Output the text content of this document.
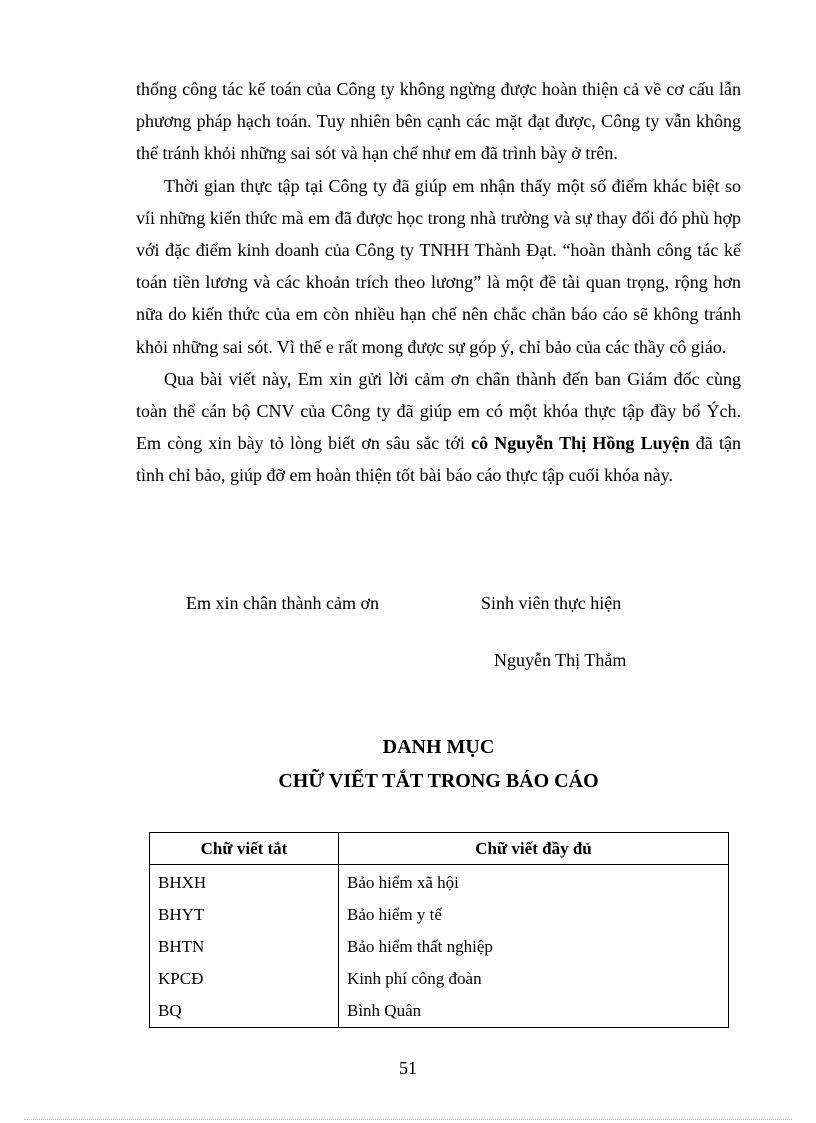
thống công tác kế toán của Công ty không ngừng được hoàn thiện cả về cơ cấu lẫn phương pháp hạch toán. Tuy nhiên bên cạnh các mặt đạt được, Công ty vẫn không thể tránh khỏi những sai sót và hạn chế như em đã trình bày ở trên.

Thời gian thực tập tại Công ty đã giúp em nhận thấy một số điểm khác biệt so víi những kiến thức mà em đã được học trong nhà trường và sự thay đổi đó phù hợp với đặc điểm kinh doanh của Công ty TNHH Thành Đạt. “hoàn thành công tác kế toán tiền lương và các khoản trích theo lương” là một đề tài quan trọng, rộng hơn nữa do kiến thức của em còn nhiều hạn chế nên chắc chắn báo cáo sẽ không tránh khỏi những sai sót. Vì thế e rất mong được sự góp ý, chỉ bảo của các thầy cô giáo.

Qua bài viết này, Em xin gửi lời cảm ơn chân thành đến ban Giám đốc cùng toàn thể cán bộ CNV của Công ty đã giúp em có một khóa thực tập đầy bổ Ých. Em còng xin bày tỏ lòng biết ơn sâu sắc tới cô Nguyễn Thị Hồng Luyện đã tận tình chỉ bảo, giúp đỡ em hoàn thiện tốt bài báo cáo thực tập cuối khóa này.

Em xin chân thành cảm ơn	Sinh viên thực hiện
Nguyễn Thị Thắm
DANH MỤC
CHỮ VIẾT TẮT TRONG BÁO CÁO
Chữ viết tắt	Chữ viết đầy đủ
BHXH	Bảo hiểm xã hội
BHYT	Bảo hiểm y tế
BHTN	Bảo hiểm thất nghiệp
KPCĐ	Kinh phí công đoàn
BQ	Bình Quân
51
